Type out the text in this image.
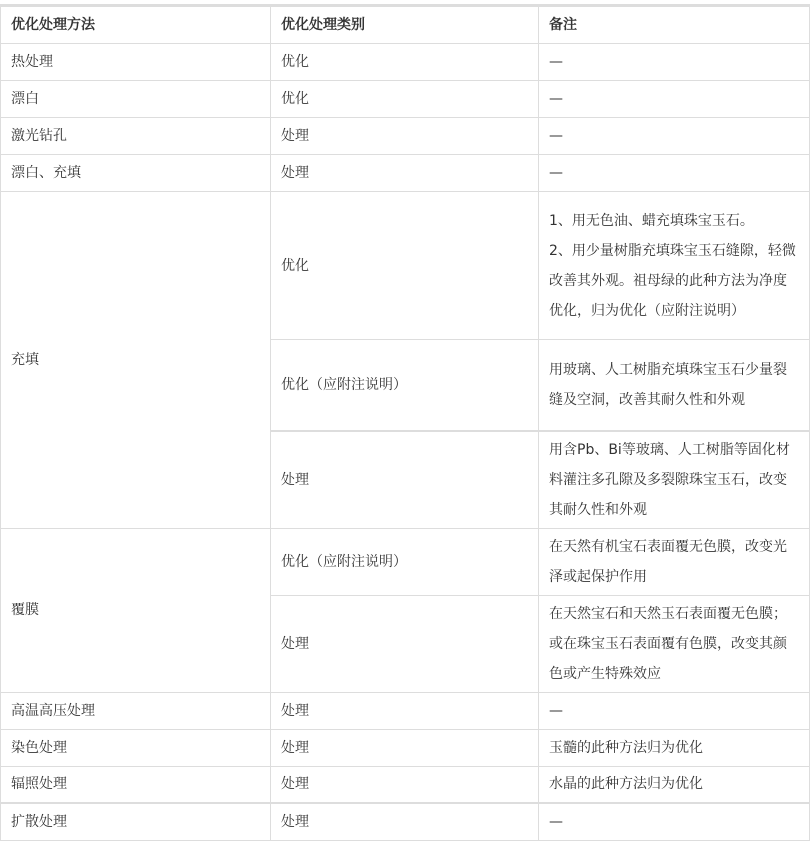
优化处理方法	优化处理类别	备注
热处理	优化	—
漂白	优化	—
激光钻孔	处理	—
漂白、充填	处理	—
充填	优化	1、用无色油、蜡充填珠宝玉石。
2、用少量树脂充填珠宝玉石缝隙，轻微改善其外观。祖母绿的此种方法为净度优化，归为优化（应附注说明）

	优化（应附注说明）	用玻璃、人工树脂充填珠宝玉石少量裂缝及空洞，改善其耐久性和外观
	处理	用含Pb、Bi等玻璃、人工树脂等固化材料灌注多孔隙及多裂隙珠宝玉石，改变其耐久性和外观
覆膜	优化（应附注说明）	在天然有机宝石表面覆无色膜，改变光泽或起保护作用
	处理	在天然宝石和天然玉石表面覆无色膜；或在珠宝玉石表面覆有色膜，改变其颜色或产生特殊效应
高温高压处理	处理	—
染色处理	处理	玉髓的此种方法归为优化
辐照处理	处理	水晶的此种方法归为优化
扩散处理	处理	—
